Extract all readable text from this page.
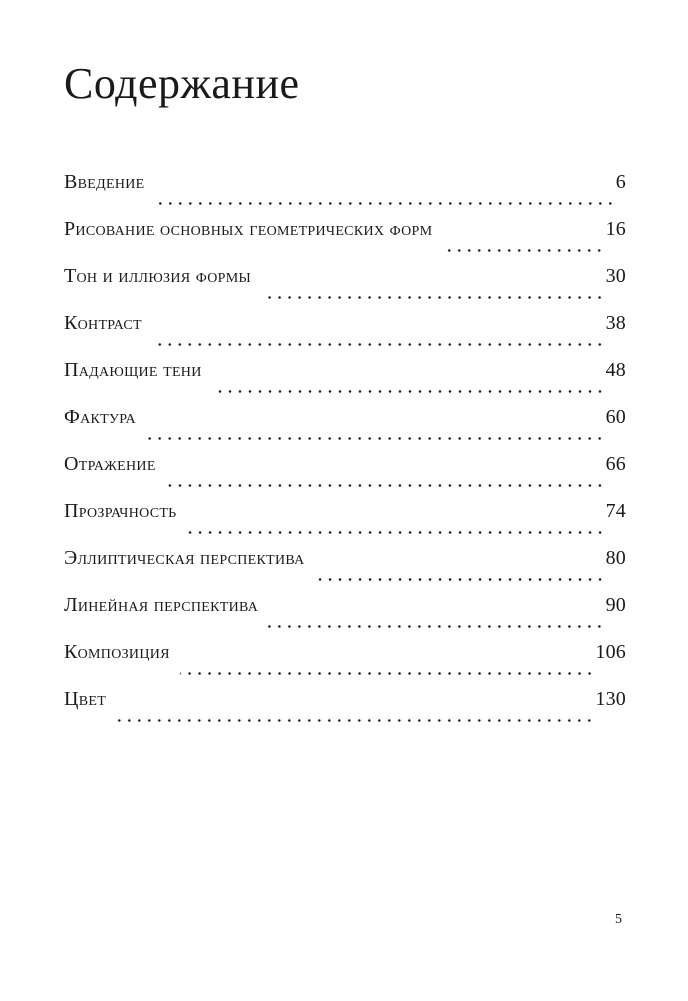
Содержание
Введение	6
Рисование основных геометрических форм	16
Тон и иллюзия формы	30
Контраст	38
Падающие тени	48
Фактура	60
Отражение	66
Прозрачность	74
Эллиптическая перспектива	80
Линейная перспектива	90
Композиция	106
Цвет	130
5
